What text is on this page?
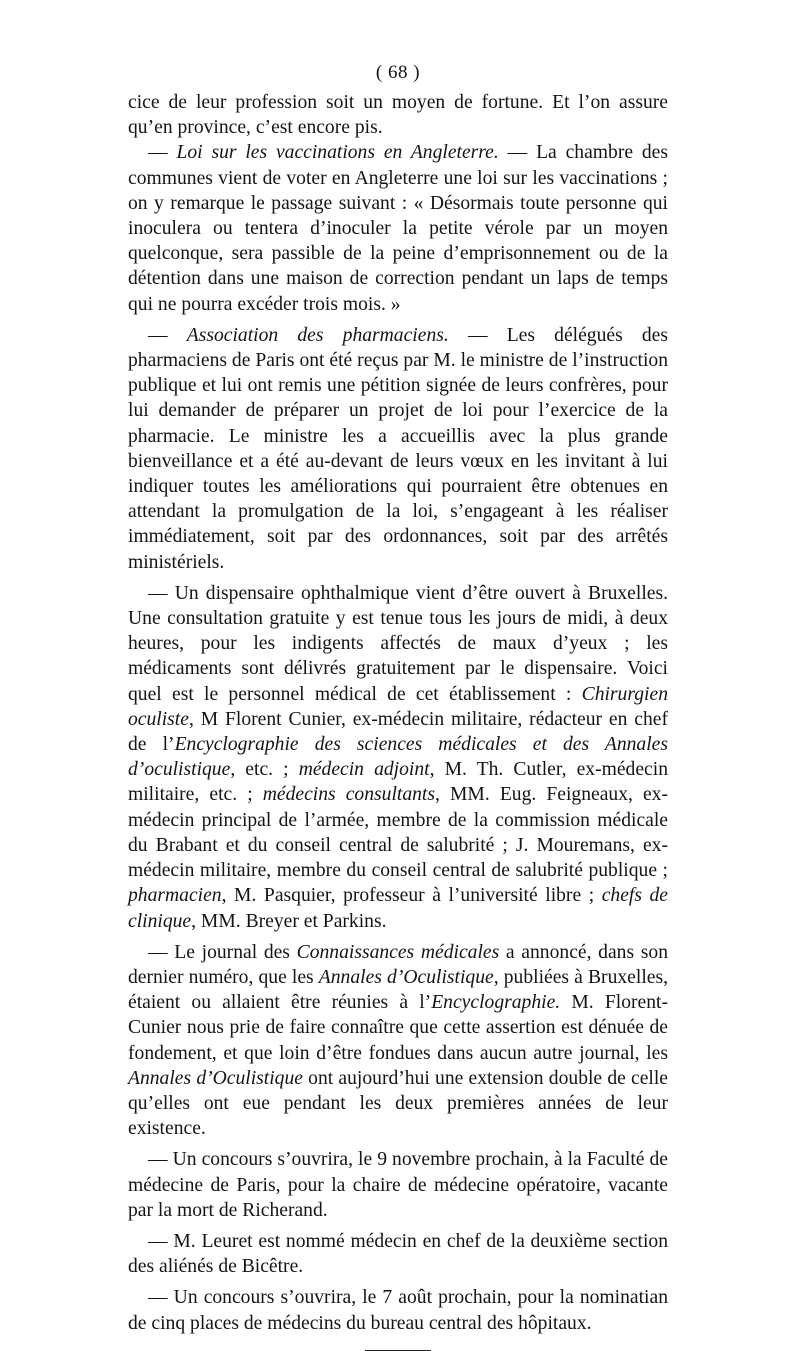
( 68 )

cice de leur profession soit un moyen de fortune. Et l’on assure qu’en province, c’est encore pis.

— Loi sur les vaccinations en Angleterre. — La chambre des communes vient de voter en Angleterre une loi sur les vaccinations ; on y remarque le passage suivant : « Désormais toute personne qui inoculera ou tentera d’inoculer la petite vérole par un moyen quelconque, sera passible de la peine d’emprisonnement ou de la détention dans une maison de correction pendant un laps de temps qui ne pourra excéder trois mois. »

— Association des pharmaciens. — Les délégués des pharmaciens de Paris ont été reçus par M. le ministre de l’instruction publique et lui ont remis une pétition signée de leurs confrères, pour lui demander de préparer un projet de loi pour l’exercice de la pharmacie. Le ministre les a accueillis avec la plus grande bienveillance et a été au-devant de leurs vœux en les invitant à lui indiquer toutes les améliorations qui pourraient être obtenues en attendant la promulgation de la loi, s’engageant à les réaliser immédiatement, soit par des ordonnances, soit par des arrêtés ministériels.

— Un dispensaire ophthalmique vient d’être ouvert à Bruxelles. Une consultation gratuite y est tenue tous les jours de midi, à deux heures, pour les indigents affectés de maux d’yeux ; les médicaments sont délivrés gratuitement par le dispensaire. Voici quel est le personnel médical de cet établissement : Chirurgien oculiste, M Florent Cunier, ex-médecin militaire, rédacteur en chef de l’Encyclographie des sciences médicales et des Annales d’oculistique, etc. ; médecin adjoint, M. Th. Cutler, ex-médecin militaire, etc. ; médecins consultants, MM. Eug. Feigneaux, ex-médecin principal de l’armée, membre de la commission médicale du Brabant et du conseil central de salubrité ; J. Mouremans, ex-médecin militaire, membre du conseil central de salubrité publique ; pharmacien, M. Pasquier, professeur à l’université libre ; chefs de clinique, MM. Breyer et Parkins.

— Le journal des Connaissances médicales a annoncé, dans son dernier numéro, que les Annales d’Oculistique, publiées à Bruxelles, étaient ou allaient être réunies à l’Encyclographie. M. Florent-Cunier nous prie de faire connaître que cette assertion est dénuée de fondement, et que loin d’être fondues dans aucun autre journal, les Annales d’Oculistique ont aujourd’hui une extension double de celle qu’elles ont eue pendant les deux premières années de leur existence.

— Un concours s’ouvrira, le 9 novembre prochain, à la Faculté de médecine de Paris, pour la chaire de médecine opératoire, vacante par la mort de Richerand.

— M. Leuret est nommé médecin en chef de la deuxième section des aliénés de Bicêtre.

— Un concours s’ouvrira, le 7 août prochain, pour la nominatian de cinq places de médecins du bureau central des hôpitaux.
